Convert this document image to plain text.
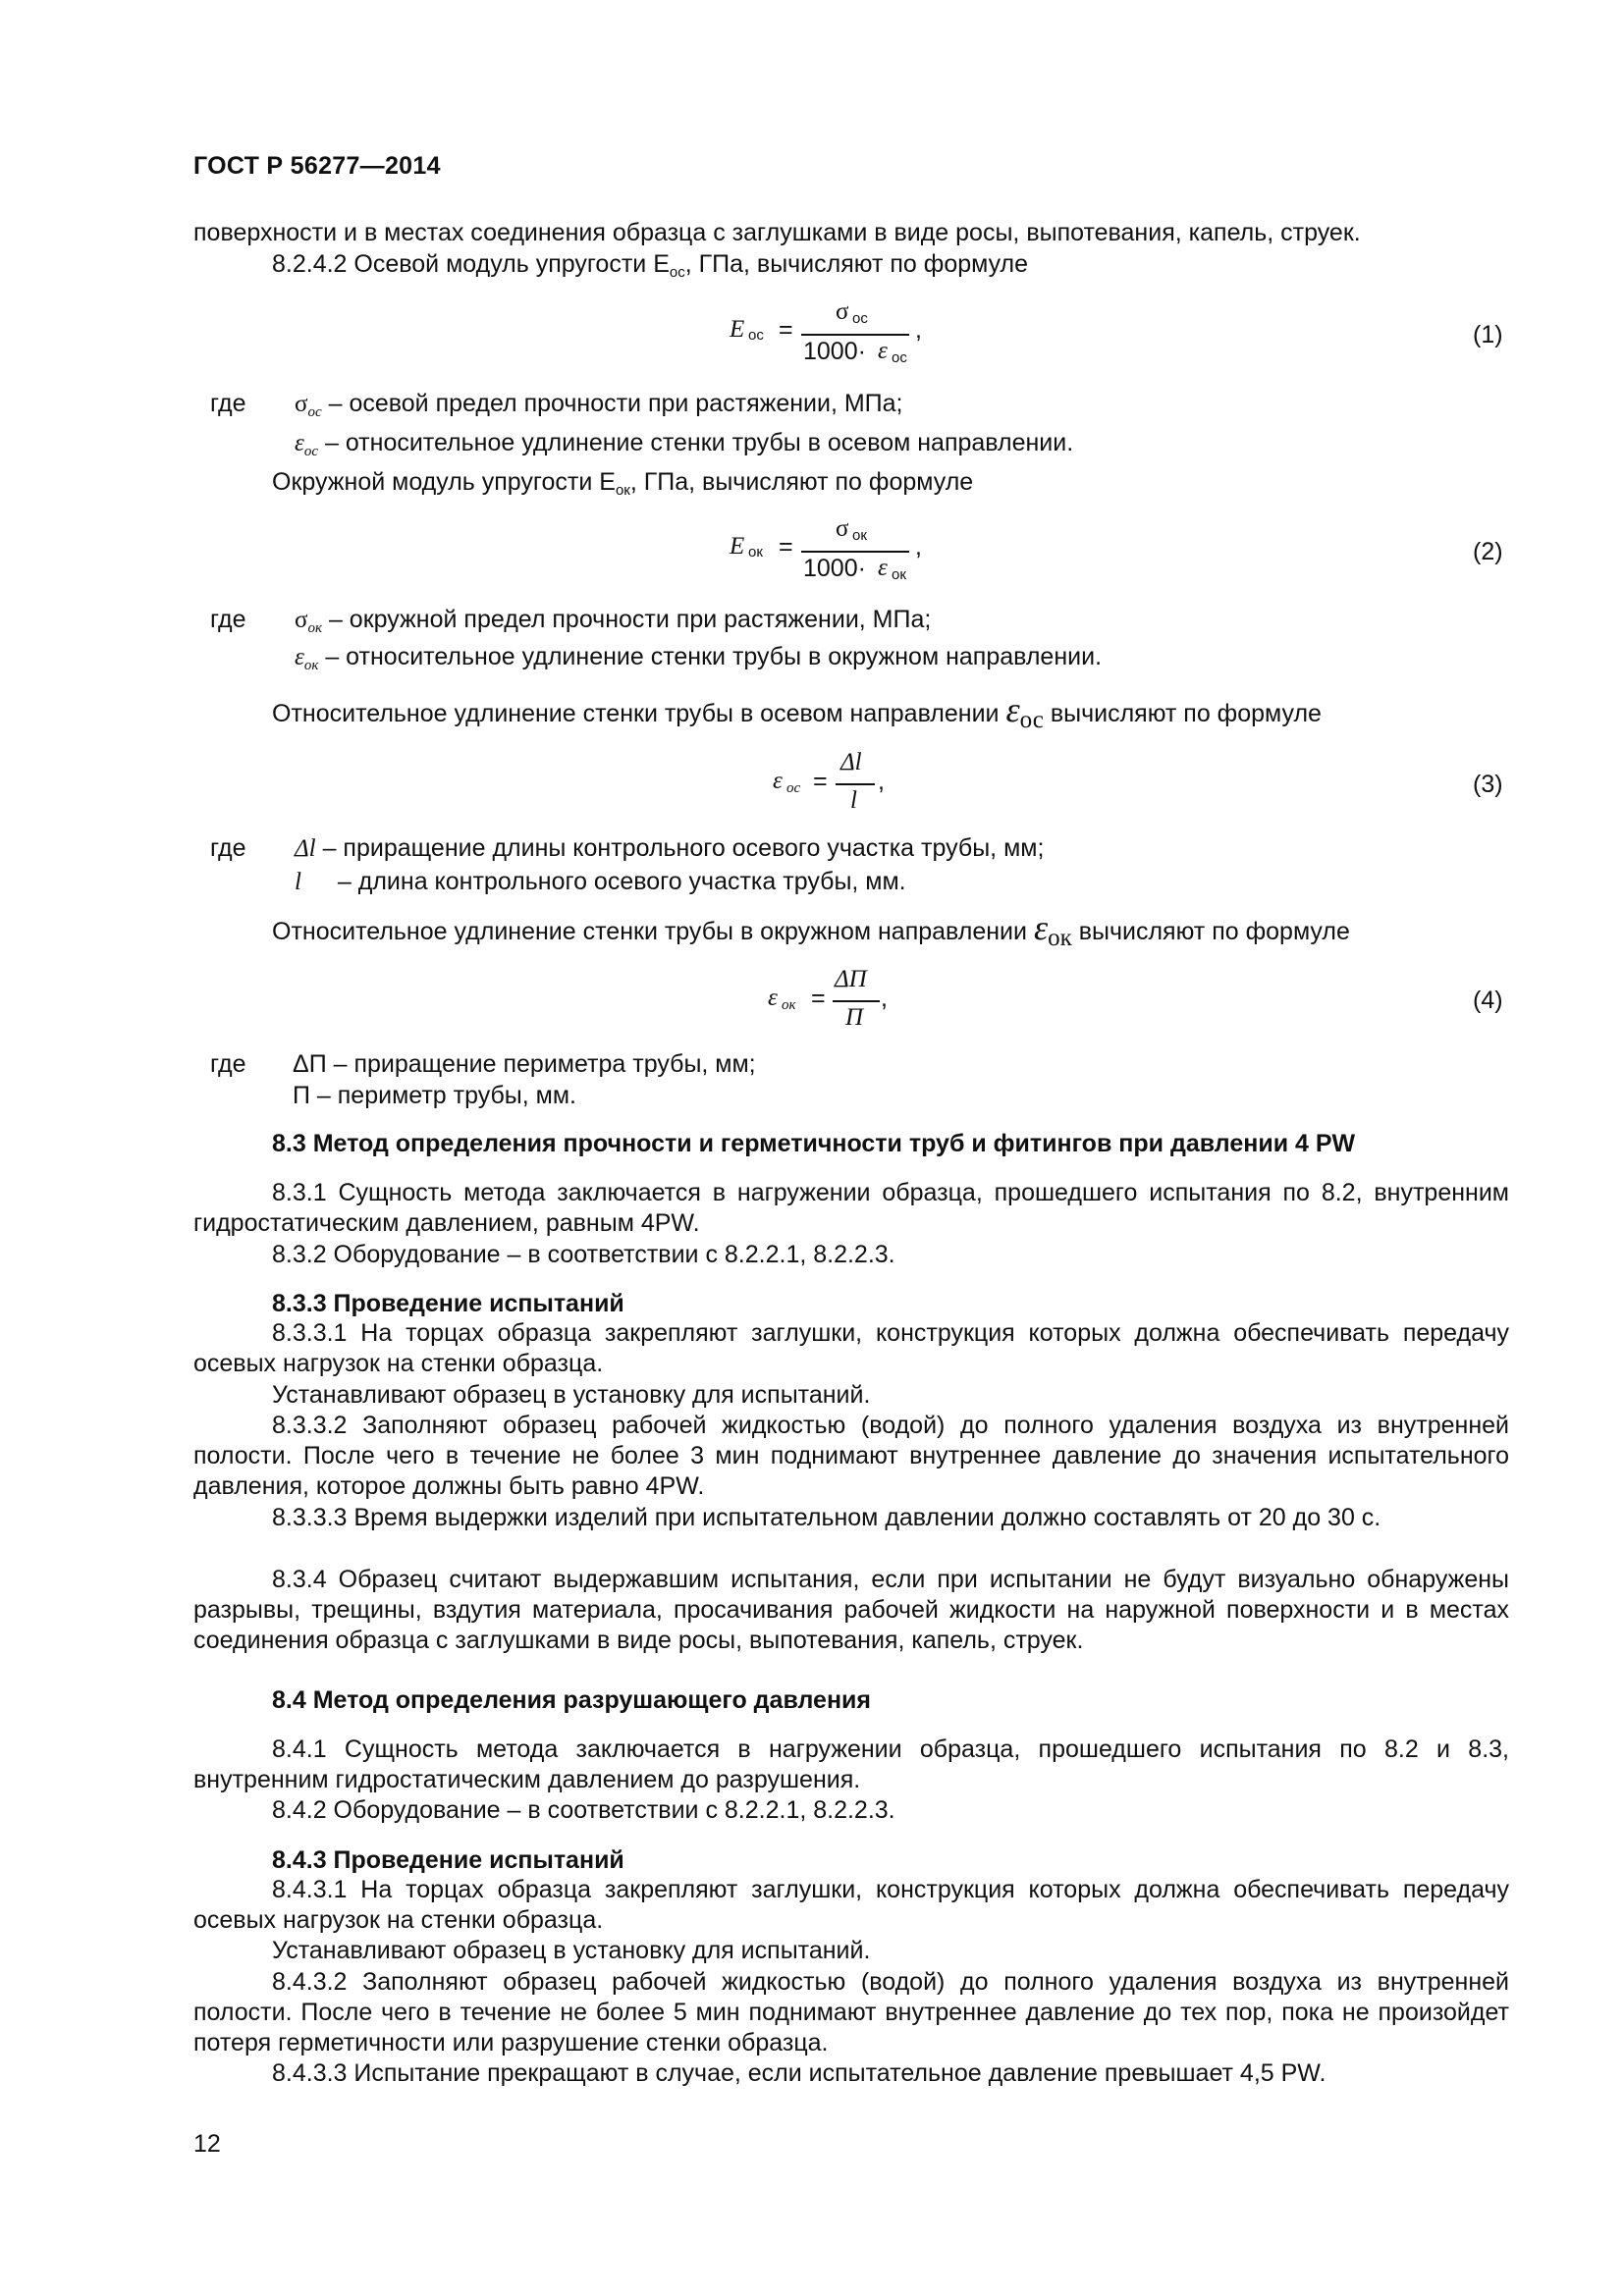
ГОСТ Р 56277—2014

поверхности и в местах соединения образца с заглушками в виде росы, выпотевания, капель, струек.

8.2.4.2 Осевой модуль упругости $E_{ос}$, ГПа, вычисляют по формуле

E ос =
σ ос
1000· ε ос
,	(1)
где $\sigma_{ос}$ – осевой предел прочности при растяжении, МПа;
$\varepsilon_{ос}$ – относительное удлинение стенки трубы в осевом направлении.

Окружной модуль упругости $E_{ок}$, ГПа, вычисляют по формуле

E ок =
σ ок
1000· ε ок
,	(2)
где $\sigma_{ок}$ – окружной предел прочности при растяжении, МПа;
$\varepsilon_{ок}$ – относительное удлинение стенки трубы в окружном направлении.

Относительное удлинение стенки трубы в осевом направлении εос вычисляют по формуле

ε ос =
Δl
l
,	(3)
где Δl – приращение длины контрольного осевого участка трубы, мм;
l – длина контрольного осевого участка трубы, мм.

Относительное удлинение стенки трубы в окружном направлении εок вычисляют по формуле

ε ок =
ΔП
П
,	(4)
где ΔП – приращение периметра трубы, мм;
П – периметр трубы, мм.

8.3 Метод определения прочности и герметичности труб и фитингов при давлении 4 PW

8.3.1 Сущность метода заключается в нагружении образца, прошедшего испытания по 8.2, внутренним гидростатическим давлением, равным 4PW.

8.3.2 Оборудование – в соответствии с 8.2.2.1, 8.2.2.3.

8.3.3 Проведение испытаний

8.3.3.1 На торцах образца закрепляют заглушки, конструкция которых должна обеспечивать передачу осевых нагрузок на стенки образца.

Устанавливают образец в установку для испытаний.

8.3.3.2 Заполняют образец рабочей жидкостью (водой) до полного удаления воздуха из внутренней полости. После чего в течение не более 3 мин поднимают внутреннее давление до значения испытательного давления, которое должны быть равно 4PW.

8.3.3.3 Время выдержки изделий при испытательном давлении должно составлять от 20 до 30 с.

8.3.4 Образец считают выдержавшим испытания, если при испытании не будут визуально обнаружены разрывы, трещины, вздутия материала, просачивания рабочей жидкости на наружной поверхности и в местах соединения образца с заглушками в виде росы, выпотевания, капель, струек.

8.4 Метод определения разрушающего давления

8.4.1 Сущность метода заключается в нагружении образца, прошедшего испытания по 8.2 и 8.3, внутренним гидростатическим давлением до разрушения.

8.4.2 Оборудование – в соответствии с 8.2.2.1, 8.2.2.3.

8.4.3 Проведение испытаний

8.4.3.1 На торцах образца закрепляют заглушки, конструкция которых должна обеспечивать передачу осевых нагрузок на стенки образца.

Устанавливают образец в установку для испытаний.

8.4.3.2 Заполняют образец рабочей жидкостью (водой) до полного удаления воздуха из внутренней полости. После чего в течение не более 5 мин поднимают внутреннее давление до тех пор, пока не произойдет потеря герметичности или разрушение стенки образца.

8.4.3.3 Испытание прекращают в случае, если испытательное давление превышает 4,5 PW.

12
